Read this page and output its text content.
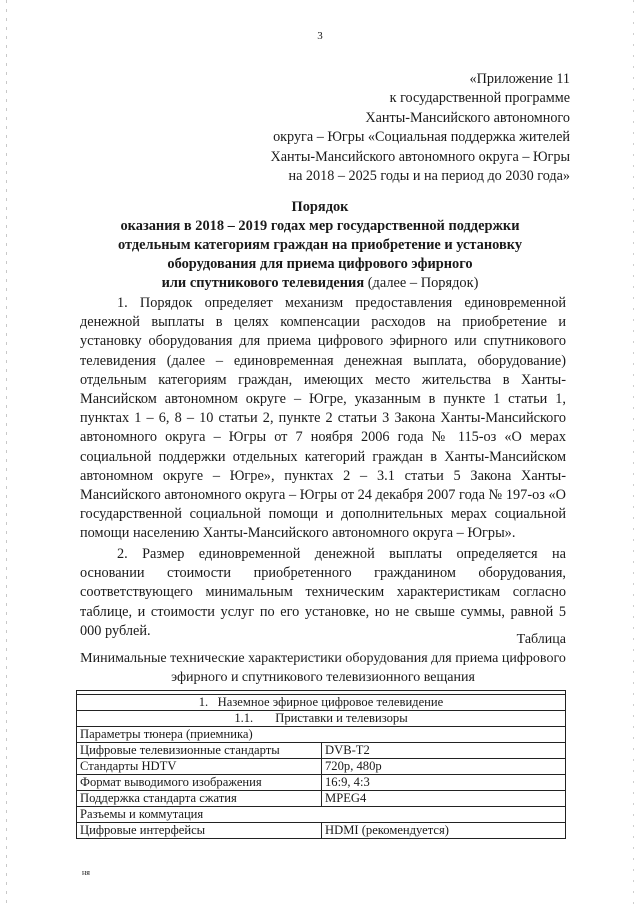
3
«Приложение 11
к государственной программе
Ханты-Мансийского автономного
округа – Югры «Социальная поддержка жителей
Ханты-Мансийского автономного округа – Югры
на 2018 – 2025 годы и на период до 2030 года»
Порядок
оказания в 2018 – 2019 годах мер государственной поддержки
отдельным категориям граждан на приобретение и установку
оборудования для приема цифрового эфирного
или спутникового телевидения (далее – Порядок)
1. Порядок определяет механизм предоставления единовременной денежной выплаты в целях компенсации расходов на приобретение и установку оборудования для приема цифрового эфирного или спутникового телевидения (далее – единовременная денежная выплата, оборудование) отдельным категориям граждан, имеющих место жительства в Ханты-Мансийском автономном округе – Югре, указанным в пункте 1 статьи 1, пунктах 1 – 6, 8 – 10 статьи 2, пункте 2 статьи 3 Закона Ханты-Мансийского автономного округа – Югры от 7 ноября 2006 года № 115-оз «О мерах социальной поддержки отдельных категорий граждан в Ханты-Мансийском автономном округе – Югре», пунктах 2 – 3.1 статьи 5 Закона Ханты-Мансийского автономного округа – Югры от 24 декабря 2007 года № 197-оз «О государственной социальной помощи и дополнительных мерах социальной помощи населению Ханты-Мансийского автономного округа – Югры».
2. Размер единовременной денежной выплаты определяется на основании стоимости приобретенного гражданином оборудования, соответствующего минимальным техническим характеристикам согласно таблице, и стоимости услуг по его установке, но не свыше суммы, равной 5 000 рублей.
Таблица
Минимальные технические характеристики оборудования для приема цифрового эфирного и спутникового телевизионного вещания

1.   Наземное эфирное цифровое телевидение	
1.1.       Приставки и телевизоры	
Параметры тюнера (приемника)	
Цифровые телевизионные стандарты	DVB-T2
Стандарты HDTV	720p, 480p
Формат выводимого изображения	16:9, 4:3
Поддержка стандарта сжатия	MPEG4
Разъемы и коммутация	
Цифровые интерфейсы	HDMI (рекомендуется)
ня
